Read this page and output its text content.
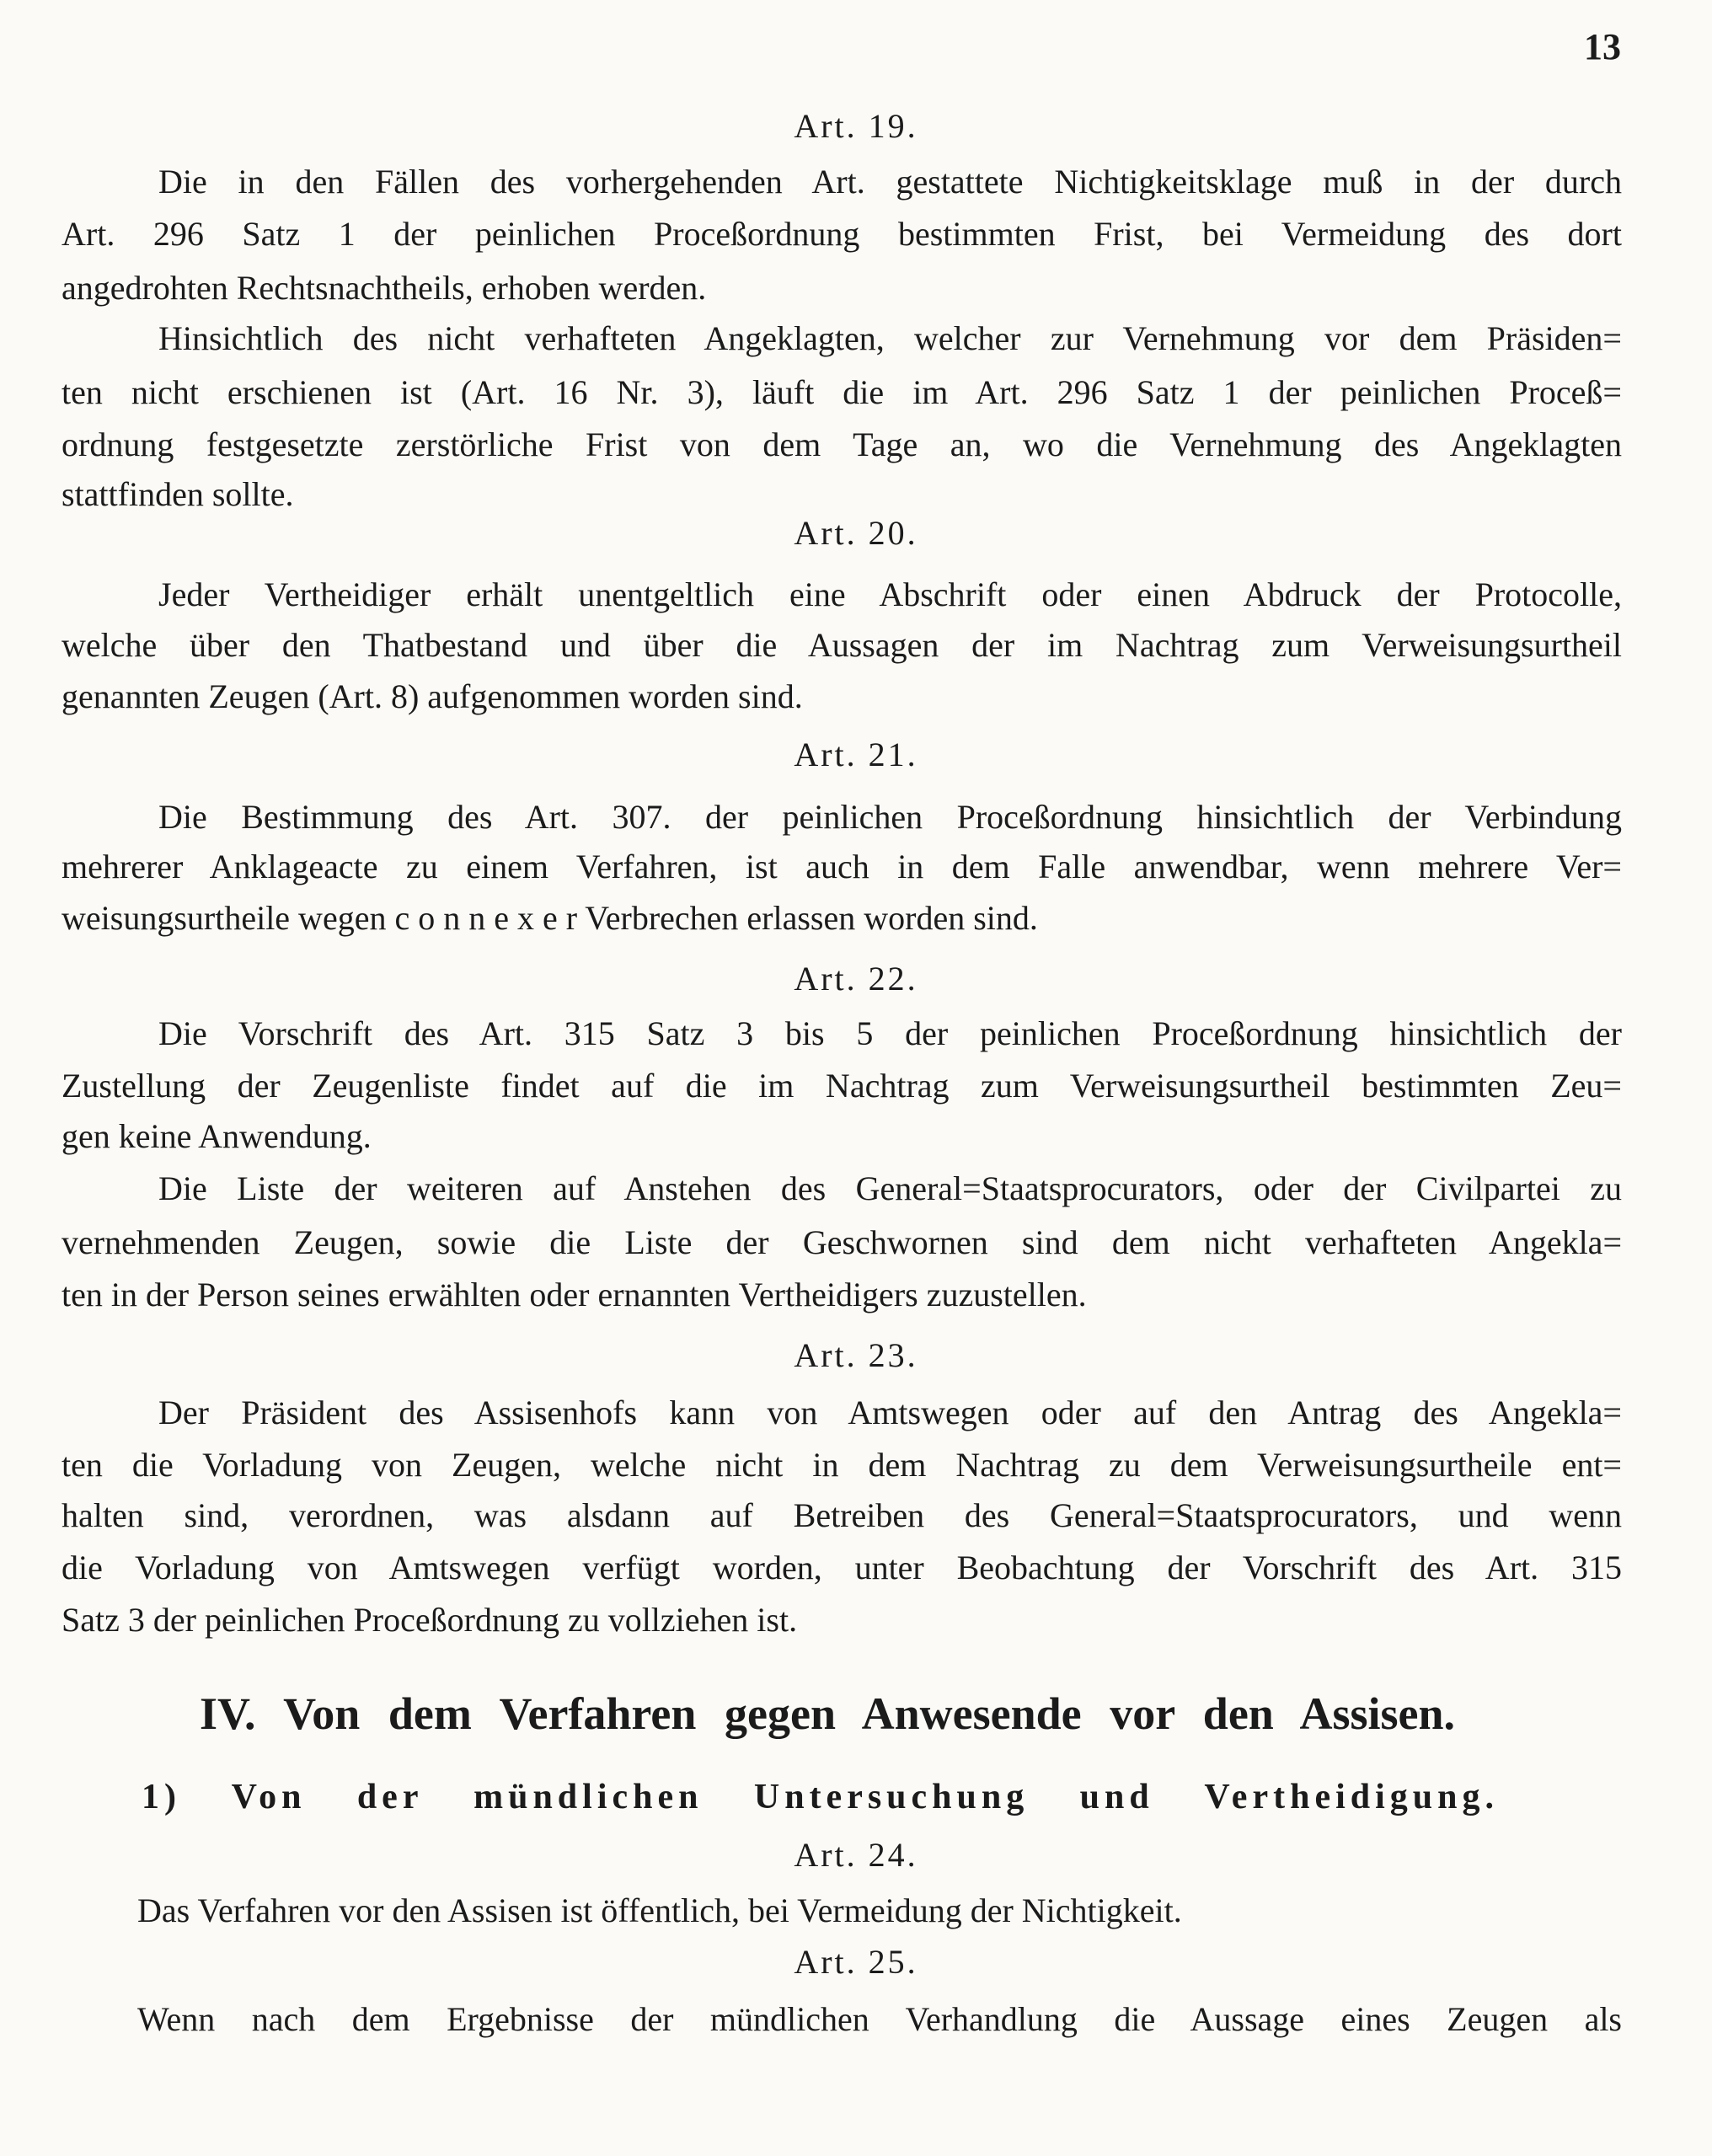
13
Art. 19.
Die in den Fällen des vorhergehenden Art. gestattete Nichtigkeitsklage muß in der durch
Art. 296 Satz 1 der peinlichen Proceßordnung bestimmten Frist, bei Vermeidung des dort
angedrohten Rechtsnachtheils, erhoben werden.
Hinsichtlich des nicht verhafteten Angeklagten, welcher zur Vernehmung vor dem Präsiden=
ten nicht erschienen ist (Art. 16 Nr. 3), läuft die im Art. 296 Satz 1 der peinlichen Proceß=
ordnung festgesetzte zerstörliche Frist von dem Tage an, wo die Vernehmung des Angeklagten
stattfinden sollte.
Art. 20.
Jeder Vertheidiger erhält unentgeltlich eine Abschrift oder einen Abdruck der Protocolle,
welche über den Thatbestand und über die Aussagen der im Nachtrag zum Verweisungsurtheil
genannten Zeugen (Art. 8) aufgenommen worden sind.
Art. 21.
Die Bestimmung des Art. 307. der peinlichen Proceßordnung hinsichtlich der Verbindung
mehrerer Anklageacte zu einem Verfahren, ist auch in dem Falle anwendbar, wenn mehrere Ver=
weisungsurtheile wegen c o n n e x e r Verbrechen erlassen worden sind.
Art. 22.
Die Vorschrift des Art. 315 Satz 3 bis 5 der peinlichen Proceßordnung hinsichtlich der
Zustellung der Zeugenliste findet auf die im Nachtrag zum Verweisungsurtheil bestimmten Zeu=
gen keine Anwendung.
Die Liste der weiteren auf Anstehen des General=Staatsprocurators, oder der Civilpartei zu
vernehmenden Zeugen, sowie die Liste der Geschwornen sind dem nicht verhafteten Angekla=
ten in der Person seines erwählten oder ernannten Vertheidigers zuzustellen.
Art. 23.
Der Präsident des Assisenhofs kann von Amtswegen oder auf den Antrag des Angekla=
ten die Vorladung von Zeugen, welche nicht in dem Nachtrag zu dem Verweisungsurtheile ent=
halten sind, verordnen, was alsdann auf Betreiben des General=Staatsprocurators, und wenn
die Vorladung von Amtswegen verfügt worden, unter Beobachtung der Vorschrift des Art. 315
Satz 3 der peinlichen Proceßordnung zu vollziehen ist.
IV. Von dem Verfahren gegen Anwesende vor den Assisen.
1) Von der mündlichen Untersuchung und Vertheidigung.
Art. 24.
Das Verfahren vor den Assisen ist öffentlich, bei Vermeidung der Nichtigkeit.
Art. 25.
Wenn nach dem Ergebnisse der mündlichen Verhandlung die Aussage eines Zeugen als
